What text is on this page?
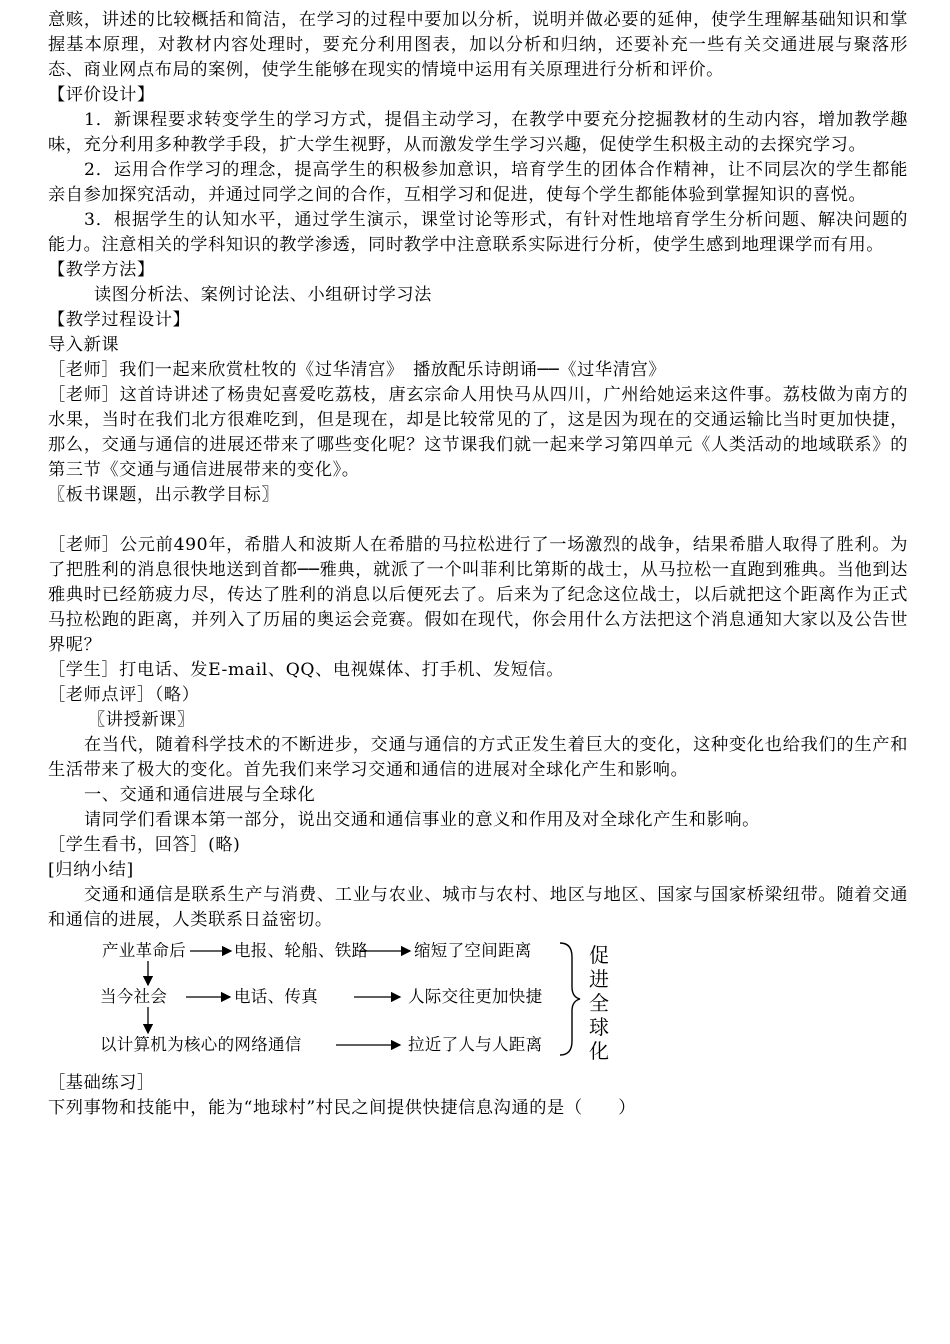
意赅，讲述的比较概括和简洁，在学习的过程中要加以分析，说明并做必要的延伸，使学生理解基础知识和掌握基本原理，对教材内容处理时，要充分利用图表，加以分析和归纳，还要补充一些有关交通进展与聚落形态、商业网点布局的案例，使学生能够在现实的情境中运用有关原理进行分析和评价。

【评价设计】

1．新课程要求转变学生的学习方式，提倡主动学习，在教学中要充分挖掘教材的生动内容，增加教学趣味，充分利用多种教学手段，扩大学生视野，从而激发学生学习兴趣，促使学生积极主动的去探究学习。

2．运用合作学习的理念，提高学生的积极参加意识，培育学生的团体合作精神，让不同层次的学生都能亲自参加探究活动，并通过同学之间的合作，互相学习和促进，使每个学生都能体验到掌握知识的喜悦。

3．根据学生的认知水平，通过学生演示，课堂讨论等形式，有针对性地培育学生分析问题、解决问题的能力。注意相关的学科知识的教学渗透，同时教学中注意联系实际进行分析，使学生感到地理课学而有用。

【教学方法】

读图分析法、案例讨论法、小组研讨学习法

【教学过程设计】

导入新课

［老师］我们一起来欣赏杜牧的《过华清宫》　播放配乐诗朗诵──《过华清宫》

［老师］这首诗讲述了杨贵妃喜爱吃荔枝，唐玄宗命人用快马从四川，广州给她运来这件事。荔枝做为南方的水果，当时在我们北方很难吃到，但是现在，却是比较常见的了，这是因为现在的交通运输比当时更加快捷，那么，交通与通信的进展还带来了哪些变化呢？这节课我们就一起来学习第四单元《人类活动的地域联系》的第三节《交通与通信进展带来的变化》。

〖板书课题，出示教学目标〗

［老师］公元前490年，希腊人和波斯人在希腊的马拉松进行了一场激烈的战争，结果希腊人取得了胜利。为了把胜利的消息很快地送到首都──雅典，就派了一个叫菲利比第斯的战士，从马拉松一直跑到雅典。当他到达雅典时已经筋疲力尽，传达了胜利的消息以后便死去了。后来为了纪念这位战士，以后就把这个距离作为正式马拉松跑的距离，并列入了历届的奥运会竞赛。假如在现代，你会用什么方法把这个消息通知大家以及公告世界呢？

［学生］打电话、发E-mail、QQ、电视媒体、打手机、发短信。

［老师点评］（略）

〖讲授新课〗

在当代，随着科学技术的不断进步，交通与通信的方式正发生着巨大的变化，这种变化也给我们的生产和生活带来了极大的变化。首先我们来学习交通和通信的进展对全球化产生和影响。

一、交通和通信进展与全球化

请同学们看课本第一部分，说出交通和通信事业的意义和作用及对全球化产生和影响。

［学生看书，回答］(略)

[归纳小结]

交通和通信是联系生产与消费、工业与农业、城市与农村、地区与地区、国家与国家桥梁纽带。随着交通和通信的进展，人类联系日益密切。

产业革命后	电报、轮船、铁路	缩短了空间距离
当今社会	电话、传真	人际交往更加快捷
以计算机为核心的网络通信	拉近了人与人距离
促进全球化

［基础练习］

下列事物和技能中，能为“地球村”村民之间提供快捷信息沟通的是（　　）
